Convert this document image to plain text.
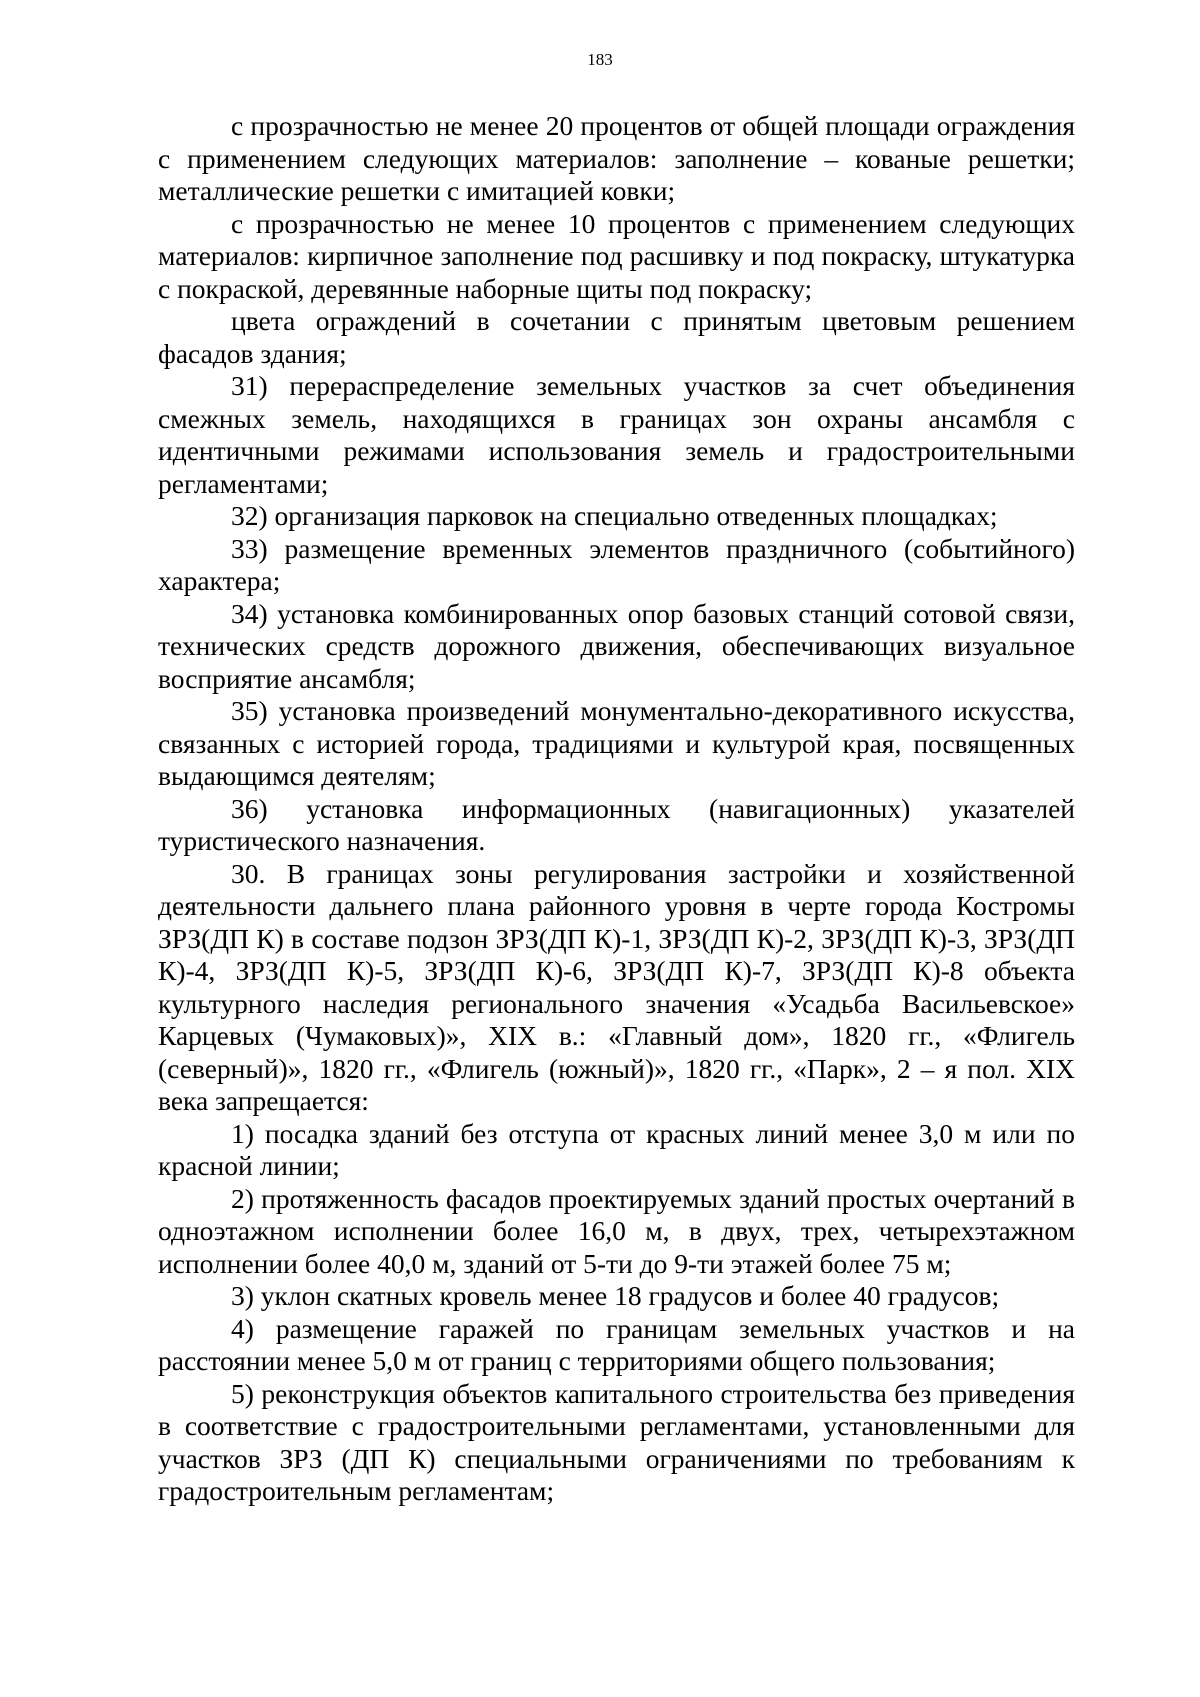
183

с прозрачностью не менее 20 процентов от общей площади ограждения с применением следующих материалов: заполнение – кованые решетки; металлические решетки с имитацией ковки;

с прозрачностью не менее 10 процентов с применением следующих материалов: кирпичное заполнение под расшивку и под покраску, штукатурка с покраской, деревянные наборные щиты под покраску;

цвета ограждений в сочетании с принятым цветовым решением фасадов здания;

31) перераспределение земельных участков за счет объединения смежных земель, находящихся в границах зон охраны ансамбля с идентичными режимами использования земель и градостроительными регламентами;

32) организация парковок на специально отведенных площадках;

33) размещение временных элементов праздничного (событийного) характера;

34) установка комбинированных опор базовых станций сотовой связи, технических средств дорожного движения, обеспечивающих визуальное восприятие ансамбля;

35) установка произведений монументально-декоративного искусства, связанных с историей города, традициями и культурой края, посвященных выдающимся деятелям;

36) установка информационных (навигационных) указателей туристического назначения.

30. В границах зоны регулирования застройки и хозяйственной деятельности дальнего плана районного уровня в черте города Костромы ЗРЗ(ДП К) в составе подзон ЗРЗ(ДП К)-1, ЗРЗ(ДП К)-2, ЗРЗ(ДП К)-3, ЗРЗ(ДП К)-4, ЗРЗ(ДП К)-5, ЗРЗ(ДП К)-6, ЗРЗ(ДП К)-7, ЗРЗ(ДП К)-8 объекта культурного наследия регионального значения «Усадьба Васильевское» Карцевых (Чумаковых)», XIX в.: «Главный дом», 1820 гг., «Флигель (северный)», 1820 гг., «Флигель (южный)», 1820 гг., «Парк», 2 – я пол. XIX века запрещается:

1) посадка зданий без отступа от красных линий менее 3,0 м или по красной линии;

2) протяженность фасадов проектируемых зданий простых очертаний в одноэтажном исполнении более 16,0 м, в двух, трех, четырехэтажном исполнении более 40,0 м, зданий от 5-ти до 9-ти этажей более 75 м;

3) уклон скатных кровель менее 18 градусов и более 40 градусов;

4) размещение гаражей по границам земельных участков и на расстоянии менее 5,0 м от границ с территориями общего пользования;

5) реконструкция объектов капитального строительства без приведения в соответствие с градостроительными регламентами, установленными для участков ЗРЗ (ДП К) специальными ограничениями по требованиям к градостроительным регламентам;
